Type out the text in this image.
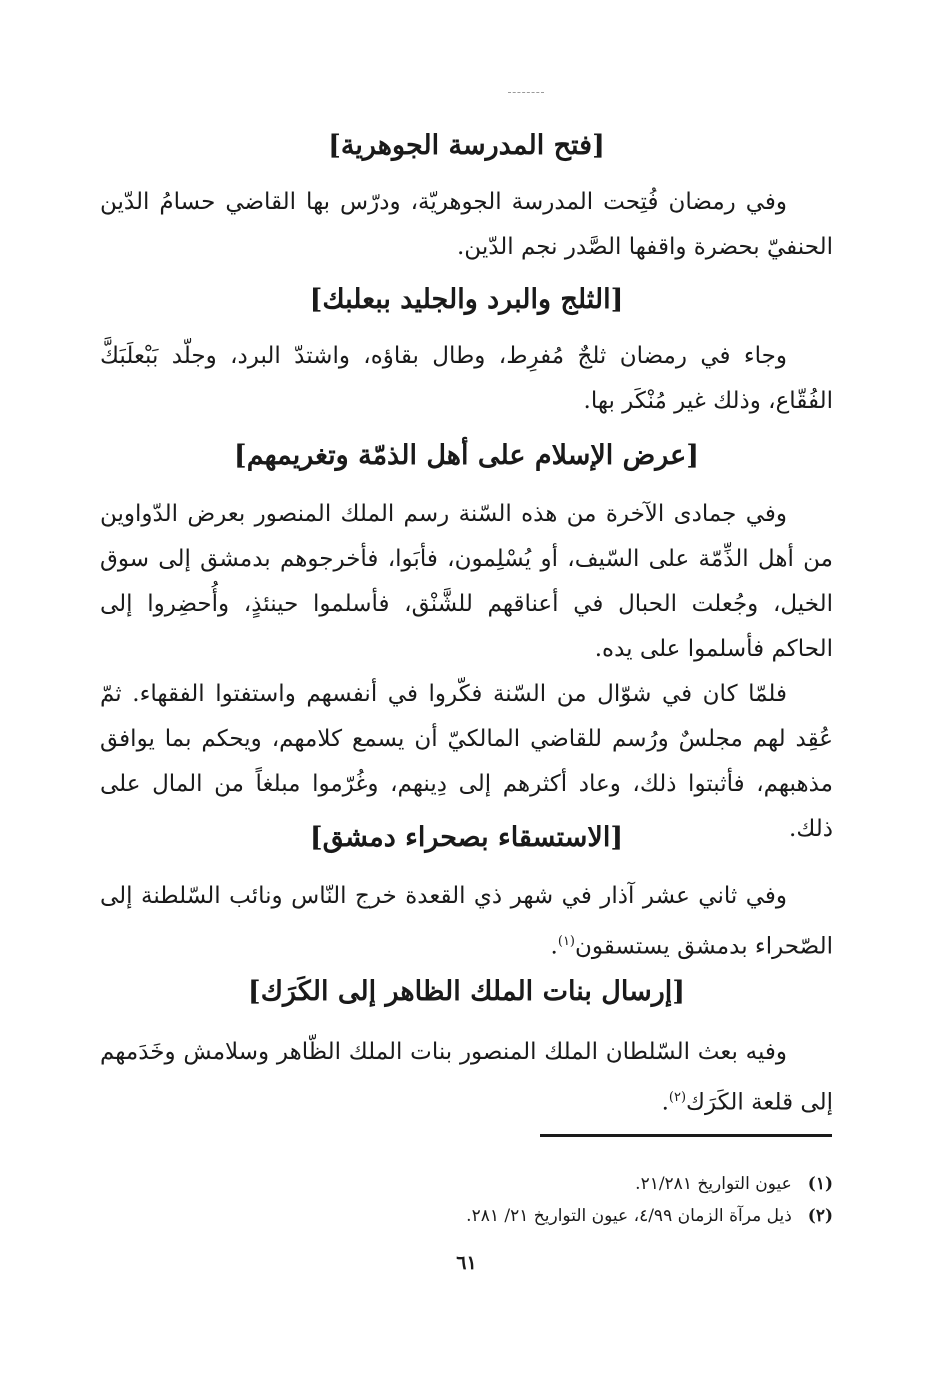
[فتح المدرسة الجوهرية]

وفي رمضان فُتِحت المدرسة الجوهريّة، ودرّس بها القاضي حسامُ الدّين الحنفيّ بحضرة واقفها الصَّدر نجم الدّين.

[الثلج والبرد والجليد ببعلبك]

وجاء في رمضان ثلجٌ مُفرِط، وطال بقاؤه، واشتدّ البرد، وجلّد بَبْعلَبَكَّ الفُقّاع، وذلك غير مُنْكَر بها.

[عرض الإسلام على أهل الذمّة وتغريمهم]

وفي جمادى الآخرة من هذه السّنة رسم الملك المنصور بعرض الدّواوين من أهل الذِّمّة على السّيف، أو يُسْلِمون، فأبَوا، فأخرجوهم بدمشق إلى سوق الخيل، وجُعلت الحبال في أعناقهم للشَّنْق، فأسلموا حينئذٍ، وأُحضِروا إلى الحاكم فأسلموا على يده.

فلمّا كان في شوّال من السّنة فكّروا في أنفسهم واستفتوا الفقهاء. ثمّ عُقِد لهم مجلسٌ ورُسم للقاضي المالكيّ أن يسمع كلامهم، ويحكم بما يوافق مذهبهم، فأثبتوا ذلك، وعاد أكثرهم إلى دِينهم، وغُرّموا مبلغاً من المال على ذلك.

[الاستسقاء بصحراء دمشق]

وفي ثاني عشر آذار في شهر ذي القعدة خرج النّاس ونائب السّلطنة إلى الصّحراء بدمشق يستسقون$^{(١)}$.

[إرسال بنات الملك الظاهر إلى الكَرَك]

وفيه بعث السّلطان الملك المنصور بنات الملك الظّاهر وسلامش وخَدَمهم إلى قلعة الكَرَك$^{(٢)}$.

(١)
عيون التواريخ ٢١/٢٨١.
(٢)
ذيل مرآة الزمان ٤/٩٩، عيون التواريخ ٢١/ ٢٨١.
٦١
